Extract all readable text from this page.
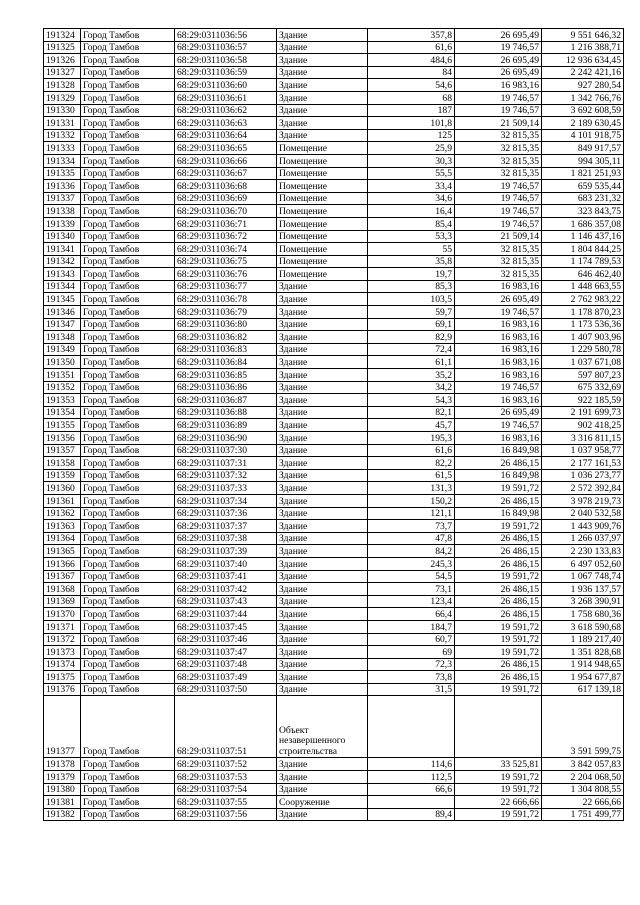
191324	Город Тамбов	68:29:0311036:56	Здание	357,8	26 695,49	9 551 646,32
191325	Город Тамбов	68:29:0311036:57	Здание	61,6	19 746,57	1 216 388,71
191326	Город Тамбов	68:29:0311036:58	Здание	484,6	26 695,49	12 936 634,45
191327	Город Тамбов	68:29:0311036:59	Здание	84	26 695,49	2 242 421,16
191328	Город Тамбов	68:29:0311036:60	Здание	54,6	16 983,16	927 280,54
191329	Город Тамбов	68:29:0311036:61	Здание	68	19 746,57	1 342 766,76
191330	Город Тамбов	68:29:0311036:62	Здание	187	19 746,57	3 692 608,59
191331	Город Тамбов	68:29:0311036:63	Здание	101,8	21 509,14	2 189 630,45
191332	Город Тамбов	68:29:0311036:64	Здание	125	32 815,35	4 101 918,75
191333	Город Тамбов	68:29:0311036:65	Помещение	25,9	32 815,35	849 917,57
191334	Город Тамбов	68:29:0311036:66	Помещение	30,3	32 815,35	994 305,11
191335	Город Тамбов	68:29:0311036:67	Помещение	55,5	32 815,35	1 821 251,93
191336	Город Тамбов	68:29:0311036:68	Помещение	33,4	19 746,57	659 535,44
191337	Город Тамбов	68:29:0311036:69	Помещение	34,6	19 746,57	683 231,32
191338	Город Тамбов	68:29:0311036:70	Помещение	16,4	19 746,57	323 843,75
191339	Город Тамбов	68:29:0311036:71	Помещение	85,4	19 746,57	1 686 357,08
191340	Город Тамбов	68:29:0311036:72	Помещение	53,3	21 509,14	1 146 437,16
191341	Город Тамбов	68:29:0311036:74	Помещение	55	32 815,35	1 804 844,25
191342	Город Тамбов	68:29:0311036:75	Помещение	35,8	32 815,35	1 174 789,53
191343	Город Тамбов	68:29:0311036:76	Помещение	19,7	32 815,35	646 462,40
191344	Город Тамбов	68:29:0311036:77	Здание	85,3	16 983,16	1 448 663,55
191345	Город Тамбов	68:29:0311036:78	Здание	103,5	26 695,49	2 762 983,22
191346	Город Тамбов	68:29:0311036:79	Здание	59,7	19 746,57	1 178 870,23
191347	Город Тамбов	68:29:0311036:80	Здание	69,1	16 983,16	1 173 536,36
191348	Город Тамбов	68:29:0311036:82	Здание	82,9	16 983,16	1 407 903,96
191349	Город Тамбов	68:29:0311036:83	Здание	72,4	16 983,16	1 229 580,78
191350	Город Тамбов	68:29:0311036:84	Здание	61,1	16 983,16	1 037 671,08
191351	Город Тамбов	68:29:0311036:85	Здание	35,2	16 983,16	597 807,23
191352	Город Тамбов	68:29:0311036:86	Здание	34,2	19 746,57	675 332,69
191353	Город Тамбов	68:29:0311036:87	Здание	54,3	16 983,16	922 185,59
191354	Город Тамбов	68:29:0311036:88	Здание	82,1	26 695,49	2 191 699,73
191355	Город Тамбов	68:29:0311036:89	Здание	45,7	19 746,57	902 418,25
191356	Город Тамбов	68:29:0311036:90	Здание	195,3	16 983,16	3 316 811,15
191357	Город Тамбов	68:29:0311037:30	Здание	61,6	16 849,98	1 037 958,77
191358	Город Тамбов	68:29:0311037:31	Здание	82,2	26 486,15	2 177 161,53
191359	Город Тамбов	68:29:0311037:32	Здание	61,5	16 849,98	1 036 273,77
191360	Город Тамбов	68:29:0311037:33	Здание	131,3	19 591,72	2 572 392,84
191361	Город Тамбов	68:29:0311037:34	Здание	150,2	26 486,15	3 978 219,73
191362	Город Тамбов	68:29:0311037:36	Здание	121,1	16 849,98	2 040 532,58
191363	Город Тамбов	68:29:0311037:37	Здание	73,7	19 591,72	1 443 909,76
191364	Город Тамбов	68:29:0311037:38	Здание	47,8	26 486,15	1 266 037,97
191365	Город Тамбов	68:29:0311037:39	Здание	84,2	26 486,15	2 230 133,83
191366	Город Тамбов	68:29:0311037:40	Здание	245,3	26 486,15	6 497 052,60
191367	Город Тамбов	68:29:0311037:41	Здание	54,5	19 591,72	1 067 748,74
191368	Город Тамбов	68:29:0311037:42	Здание	73,1	26 486,15	1 936 137,57
191369	Город Тамбов	68:29:0311037:43	Здание	123,4	26 486,15	3 268 390,91
191370	Город Тамбов	68:29:0311037:44	Здание	66,4	26 486,15	1 758 680,36
191371	Город Тамбов	68:29:0311037:45	Здание	184,7	19 591,72	3 618 590,68
191372	Город Тамбов	68:29:0311037:46	Здание	60,7	19 591,72	1 189 217,40
191373	Город Тамбов	68:29:0311037:47	Здание	69	19 591,72	1 351 828,68
191374	Город Тамбов	68:29:0311037:48	Здание	72,3	26 486,15	1 914 948,65
191375	Город Тамбов	68:29:0311037:49	Здание	73,8	26 486,15	1 954 677,87
191376	Город Тамбов	68:29:0311037:50	Здание	31,5	19 591,72	617 139,18
191377	Город Тамбов	68:29:0311037:51	Объект незавершенного строительства			3 591 599,75
191378	Город Тамбов	68:29:0311037:52	Здание	114,6	33 525,81	3 842 057,83
191379	Город Тамбов	68:29:0311037:53	Здание	112,5	19 591,72	2 204 068,50
191380	Город Тамбов	68:29:0311037:54	Здание	66,6	19 591,72	1 304 808,55
191381	Город Тамбов	68:29:0311037:55	Сооружение		22 666,66	22 666,66
191382	Город Тамбов	68:29:0311037:56	Здание	89,4	19 591,72	1 751 499,77
